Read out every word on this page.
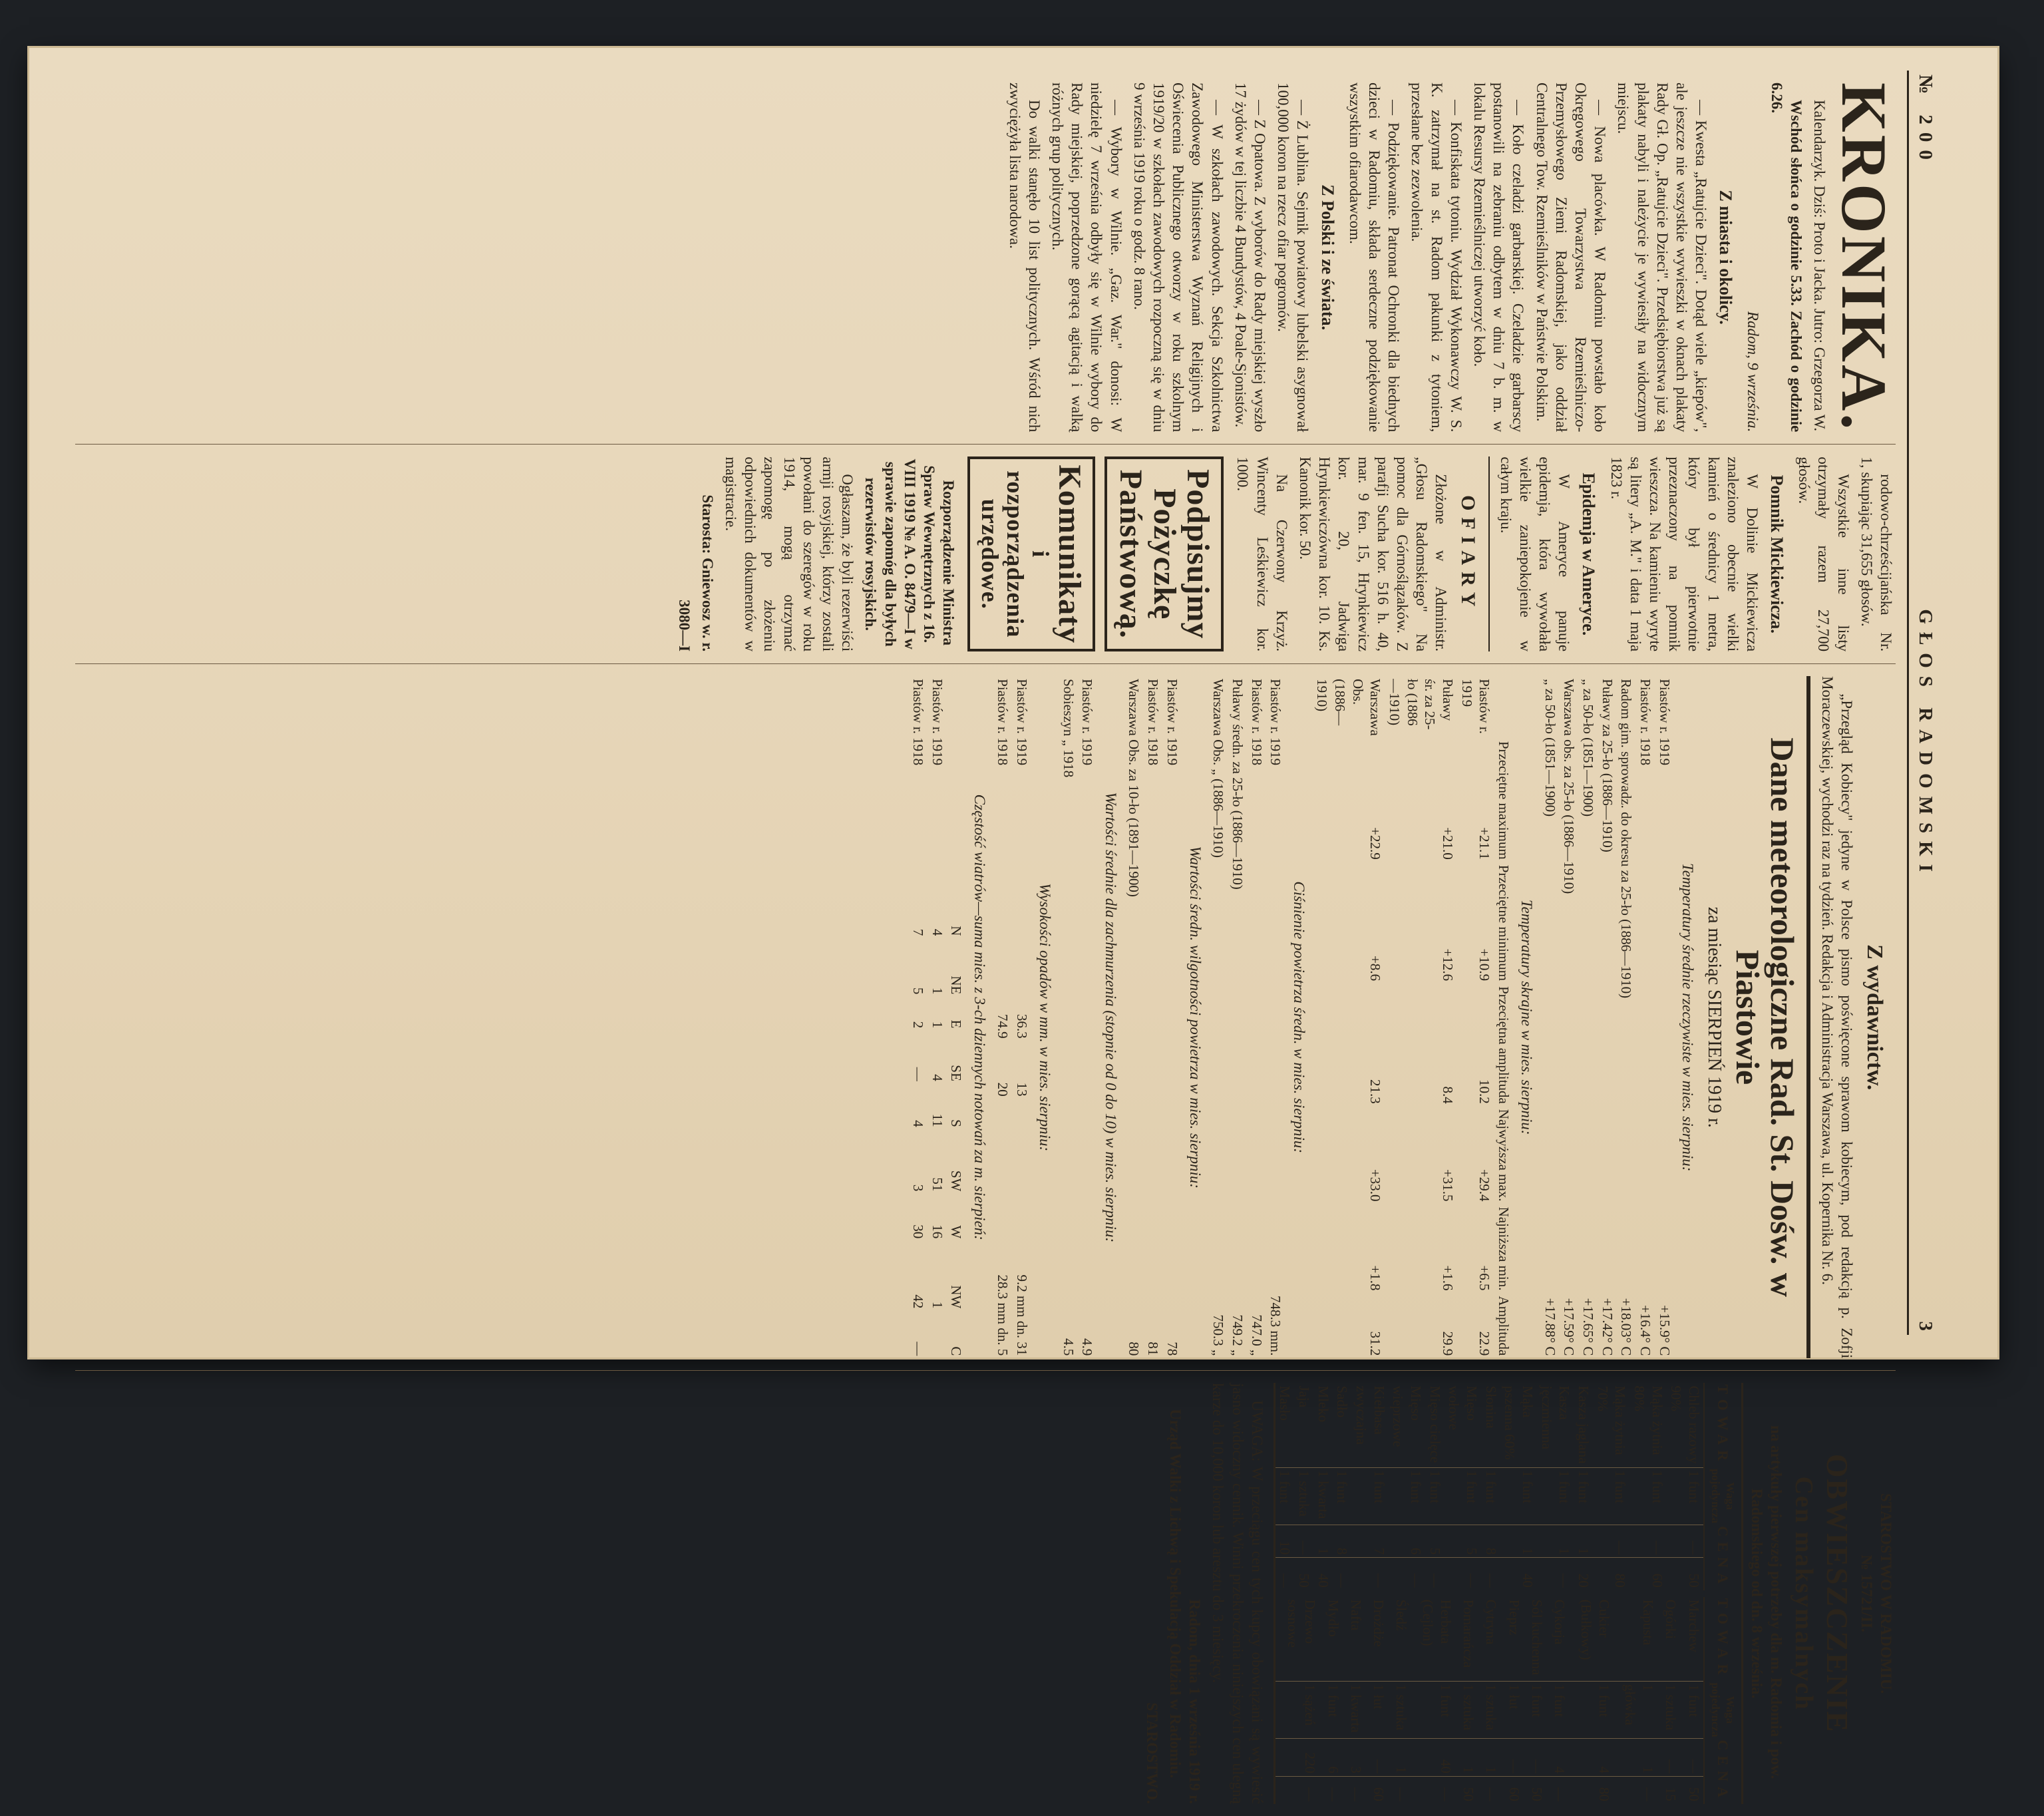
№ 200
GŁOS RADOMSKI
3
KRONIKA.

Kalendarzyk. Dziś: Proto i Jacka. Jutro: Grzegorza W.

Wschód słońca o godzinie 5.33. Zachód o godzinie 6.26.

Radom, 9 września.
Z miasta i okolicy.

— Kwesta „Ratujcie Dzieci". Dotąd wiele „kiepów", ale jeszcze nie wszystkie wywieszki w oknach plakaty Rady Gł. Op. „Ratujcie Dzieci". Przedsiębiorstwa już są plakaty nabyli i należycie je wywiesiły na widocznym miejscu.

— Nowa placówka. W Radomiu powstało koło Okręgowego Towarzystwa Rzemieślniczo-Przemysłowego Ziemi Radomskiej, jako oddział Centralnego Tow. Rzemieślników w Państwie Polskim.

— Koło czeladzi garbarskiej. Czeladzie garbarscy postanowili na zebraniu odbytem w dniu 7 b. m. w lokalu Resursy Rzemieślniczej utworzyć koło.

— Konfiskata tytoniu. Wydział Wykonawczy W. S. K. zatrzymał na st. Radom pakunki z tytoniem, przesłane bez zezwolenia.

— Podziękowanie. Patronat Ochronki dla biednych dzieci w Radomiu, składa serdeczne podziękowanie wszystkim ofiarodawcom.

Z Polski i ze świata.

— Ż Lublina. Sejmik powiatowy lubelski asygnował 100,000 koron na rzecz ofiar pogromów.

— Z Opatowa. Z wyborów do Rady miejskiej wyszło 17 żydów w tej liczbie 4 Bundystów, 4 Poale-Sjonistów.

— W szkołach zawodowych. Sekcja Szkolnictwa Zawodowego Ministerstwa Wyznań Religijnych i Oświecenia Publicznego otworzy w roku szkolnym 1919/20 w szkołach zawodowych rozpoczną się w dniu 9 września 1919 roku o godz. 8 rano.

— Wybory w Wilnie. „Gaz. War." donosi: W niedzielę 7 września odbyły się w Wilnie wybory do Rady miejskiej, poprzedzone gorącą agitacją i walką różnych grup politycznych.

Do walki stanęło 10 list politycznych. Wśród nich zwyciężyła lista narodowa.

rodowo-chrześcijańska Nr. 1, skupiając 31,655 głosów.

Wszystkie inne listy otrzymały razem 27,700 głosów.

Pomnik Mickiewicza.

W Dolinie Mickiewicza znaleziono obecnie wielki kamień o średnicy 1 metra, który był pierwotnie przeznaczony na pomnik wieszcza. Na kamieniu wyryte są litery „A. M." i data 1 maja 1823 r.

Epidemja w Ameryce.

W Ameryce panuje epidemja, która wywołała wielkie zaniepokojenie w całym kraju.

OFIARY

Złożone w Administr. „Głosu Radomskiego" Na pomoc dla Górnoślązaków. Z parafji Sucha kor. 516 h. 40, mar. 9 fen. 15, Hrynkiewicz kor. 20, Jadwiga Hrynkiewiczówna kor. 10. Ks. Kanonik kor. 50.

Na Czerwony Krzyż. Wincenty Leśkiewicz kor. 1000.

Podpisujmy
Pożyczkę Państwową.
Komunikaty
i rozporządzenia urzędowe.

Rozporządzenie Ministra Spraw Wewnętrznych z 16. VIII 1919 № A. O. 8479—I w sprawie zapomóg dla byłych rezerwistów rosyjskich.

Ogłaszam, że byli rezerwiści armji rosyjskiej, którzy zostali powołani do szeregów w roku 1914, mogą otrzymać zapomogę po złożeniu odpowiednich dokumentów w magistracie.

Starosta: Gniewosz w. r.
3080—I
Z wydawnictw.

„Przegląd Kobiecy" jedyne w Polsce pismo poświęcone sprawom kobiecym, pod redakcją p. Zofji Moraczewskiej, wychodzi raz na tydzień. Redakcja i Administracja Warszawa, ul. Kopernika Nr. 6.

Dane meteorologiczne Rad. St. Dośw. w Piastowie
za miesiąc SIERPIEŃ 1919 r.
Temperatury średnie rzeczywiste w mies. sierpniu:
Piastów r. 1919	+15.9° C
Piastów r. 1918	+16.4° C
Radom gim. sprowadz. do okresu za 25-ło (1886—1910)	+18.03° C
Puławy za 25-ło (1886—1910)	+17.42° C
„ za 50-ło (1851—1900)	+17.65° C
Warszawa obs. za 25-ło (1886—1910)	+17.59° C
„ za 50-ło (1851—1900)	+17.88° C
Temperatury skrajne w mies. sierpniu:
	Przeciętne maximum	Przeciętne minimum	Przeciętna amplituda	Najwyższa max.	Najniższa min.	Amplituda
Piastów r. 1919	+21.1	+10.9	10.2	+29.4	+6.5	22.9
Puławy śr. za 25-ło (1886—1910)	+21.0	+12.6	8.4	+31.5	+1.6	29.9
Warszawa Obs. (1886—1910)	+22.9	+8.6	21.3	+33.0	+1.8	31.2
Ciśnienie powietrza średn. w mies. sierpniu:
Piastów r. 1919	748.3 mm.
Piastów r. 1918	747.0 „
Puławy średn. za 25-ło (1886—1910)	749.2 „
Warszawa Obs. „ (1886—1910)	750.3 „
Wartości średn. wilgotności powietrza w mies. sierpniu:
Piastów r. 1919	78
Piastów r. 1918	81
Warszawa Obs. za 10-ło (1891—1900)	80
Wartości średnie dla zachmurzenia (stopnie od 0 do 10) w mies. sierpniu:
Piastów r. 1919	4.9
Sobieszyn „ 1918	4.5
Wysokości opadów w mm. w mies. sierpniu:
Piastów r. 1919	36.3	13	9.2 mm dn. 31
Piastów r. 1918	74.9	20	28.3 mm dn. 5
Częstość wiatrów—suma mies. z 3-ch dziennych notowań za m. sierpień:
	N	NE	E	SE	S	SW	W	NW	C
Piastów r. 1919	4	1	1	4	11	51	16	1	
Piastów r. 1918	7	5	2	—	4	3	30	42	—
STAROSTWO W RADOMIU.
№ 15721/II.
OBWIESZCZENIE
Cen maksymalnych

na artykuły pierwszej potrzeby dla m. Radomia i pow. Radomskiego od dn. 8 września.

TOWAR	Waga pojedyncza	CENA	
Chleb razowy 90%	1 funt	—	50
Mąka żytnia 80%	1 funt	—	60
Mąka żytnia 70%	1 funt	—	80
Kasza jaglana	1 funt	1	20
Kasza jęczmienna	1 funt	1	—
Mąka pszenna 60%	1 funt	1	40
Słonina	1 funt	8	—
Mięso wołowe	1 funt	5	—
Mięso cielęce	1 funt	5	—
Mięso wieprzowe	1 funt	6	—
Kiełbasa zwyczajna	1 funt	7	—
Sadło	1 funt	8	—
Mleko	1 kwarta	1	40
Jaja	1 sztuka	—	50
Masło	1 funt	10	—
TOWAR	Waga pojedyncza	CENA	
Marchew	1 funt	—	50
Ogórki	1 sztuka	—	15
Kapusta	1 główka	1	—
Cukier (Bułkowy)	1 funt	4	80
Cykorja	1 funt	4	—
Sól kuchenna	1 funt	—	50
Pieprz	1 łut	—	60
Cytryna	1 sztuka	1	—
Pomarańcza	1 sztuka	1	50
Herbata (Cejlon)	1 funt	40	—
Śledź	1 sztuka	1	—
Drożdże	1 łut	—	60
Nafta	1 kwarta	3	—
Mydło	1 funt	6	—
Drzewo sosnowe	1 sążeń	220	—

UWAGA: W przeciągu cen tych kupcy obowiązani są wywiesić jasno widoczny cennik. Winni przekroczenia niniejszych cen ulegną karze do 10,000 koron lub aresztu do 3 miesięcy.

Radom, dnia 1 września 1919 r.
Urząd Walki z Lichwą i Spekulacją Oddział w Radomiu.
STAROSTWO.
